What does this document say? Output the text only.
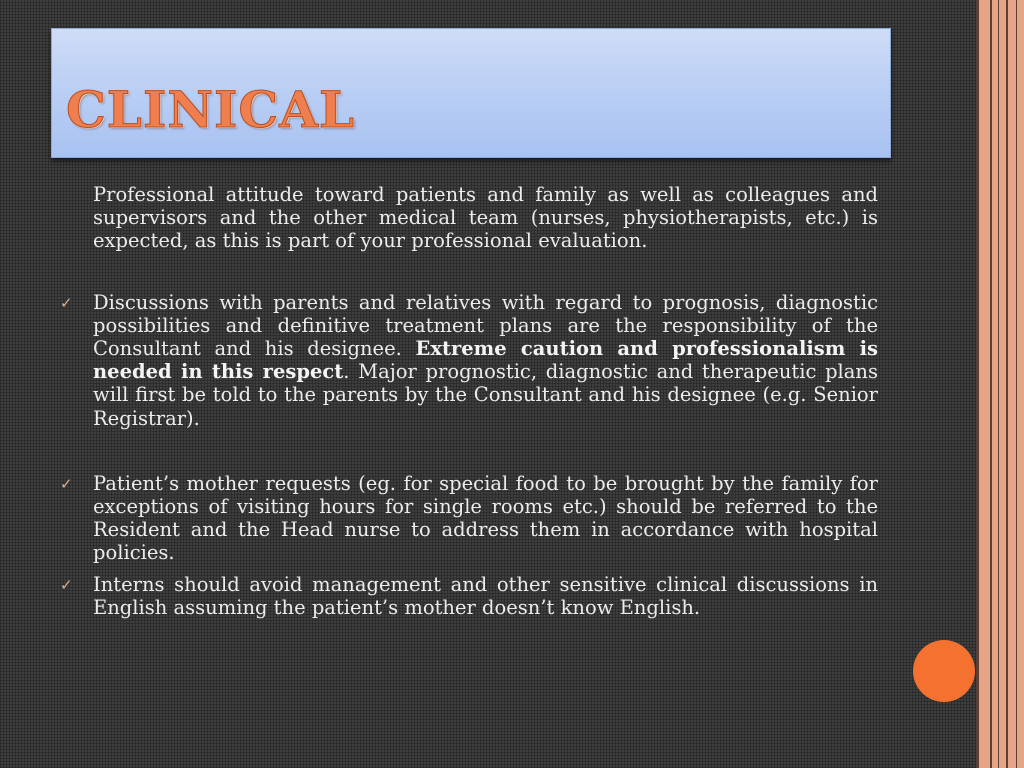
CLINICAL

Professional attitude toward patients and family as well as colleagues and supervisors and the other medical team (nurses, physiotherapists, etc.) is expected, as this is part of your professional evaluation.

✓ Discussions with parents and relatives with regard to prognosis, diagnostic possibilities and definitive treatment plans are the responsibility of the Consultant and his designee. Extreme caution and professionalism is needed in this respect. Major prognostic, diagnostic and therapeutic plans will first be told to the parents by the Consultant and his designee (e.g. Senior Registrar).

✓ Patient’s mother requests (eg. for special food to be brought by the family for exceptions of visiting hours for single rooms etc.) should be referred to the Resident and the Head nurse to address them in accordance with hospital policies.

✓ Interns should avoid management and other sensitive clinical discussions in English assuming the patient’s mother doesn’t know English.
